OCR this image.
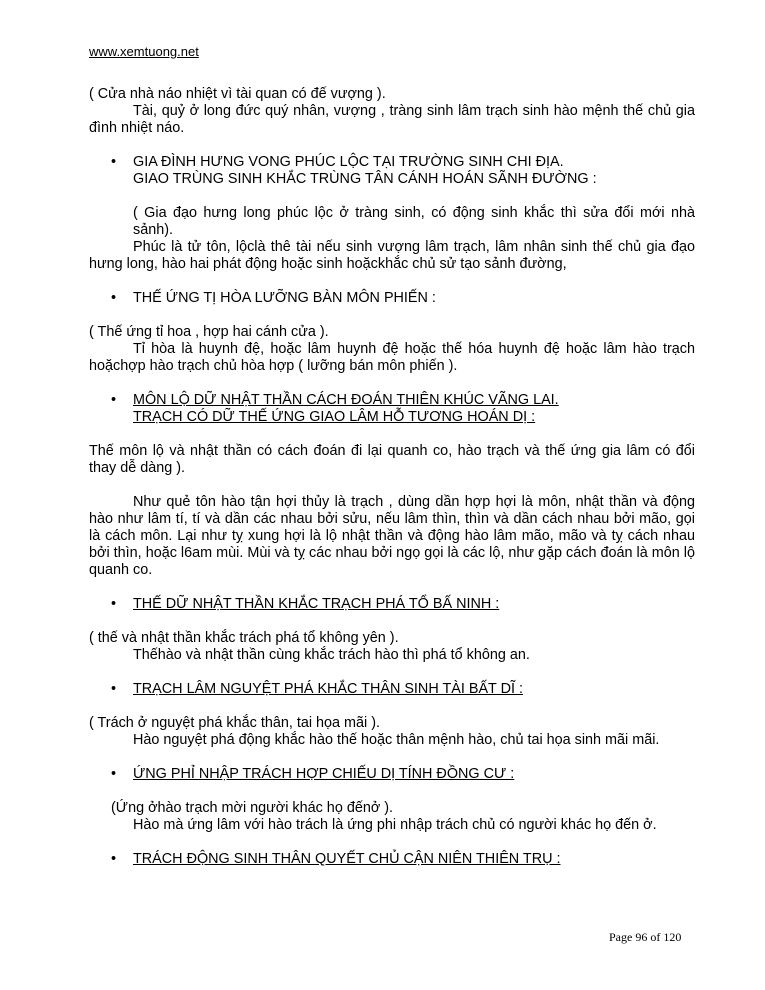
www.xemtuong.net

( Cửa nhà náo nhiệt vì tài quan có đế vượng ).

Tài, quỷ ở long đức quý nhân, vượng , tràng sinh lâm trạch sinh hào mệnh thế chủ gia đình nhiệt náo.

• GIA ĐÌNH HƯNG VONG PHÚC LỘC TẠI TRƯỜNG SINH CHI ĐỊA.
GIAO TRÙNG SINH KHẮC TRÙNG TÂN CÁNH HOÁN SÃNH ĐƯỜNG :

( Gia đạo hưng long phúc lộc ở tràng sinh, có động sinh khắc thì sửa đổi mới nhà sảnh).

Phúc là tử tôn, lộclà thê tài nếu sinh vượng lâm trạch, lâm nhân sinh thế chủ gia đạo hưng long, hào hai phát động hoặc sinh hoặckhắc chủ sử tạo sảnh đường,

• THẾ ỨNG TỊ HÒA LƯỠNG BÀN MÔN PHIẾN :

( Thế ứng tỉ hoa , hợp hai cánh cửa ).

Tỉ hòa là huynh đệ, hoặc lâm huynh đệ hoặc thế hóa huynh đệ hoặc lâm hào trạch hoặchợp hào trạch chủ hòa hợp ( lưỡng bán môn phiến ).

• MÔN LỘ DỮ NHẬT THẦN CÁCH ĐOÁN THIÊN KHÚC VÃNG LAI.
TRẠCH CÓ DỮ THẾ ỨNG GIAO LÂM HỖ TƯƠNG HOÁN DỊ :

Thế môn lộ và nhật thần có cách đoán đi lại quanh co, hào trạch và thế ứng gia lâm có đổi thay dễ dàng ).

Như quẻ tôn hào tận hợi thủy là trạch , dùng dần hợp hợi là môn, nhật thần và động hào như lâm tí, tí và dần các nhau bởi sửu, nếu lâm thìn, thìn và dần cách nhau bởi mão, gọi là cách môn. Lại như tỵ xung hợi là lộ nhật thần và động hào lâm mão, mão và tỵ cách nhau bởi thìn, hoặc l6am mùi. Mùi và tỵ các nhau bởi ngọ gọi là các lộ, như gặp cách đoán là môn lộ quanh co.

• THẾ DỮ NHẬT THẦN KHẮC TRẠCH PHÁ TỔ BẤ NINH :

( thế và nhật thần khắc trách phá tổ không yên ).

Thếhào và nhật thần cùng khắc trách hào thì phá tổ không an.

• TRẠCH LÂM NGUYỆT PHÁ KHẮC THÂN SINH TÀI BẤT DĨ :

( Trách ở nguyệt phá khắc thân, tai họa mãi ).

Hào nguyệt phá động khắc hào thế hoặc thân mệnh hào, chủ tai họa sinh mãi mãi.

• ỨNG PHỈ NHẬP TRÁCH HỢP CHIẾU DỊ TÍNH ĐỒNG CƯ :

(Ứng ởhào trạch mời người khác họ đếnở ).

Hào mà ứng lâm với hào trách là ứng phi nhập trách chủ có người khác họ đến ở.

• TRÁCH ĐỘNG SINH THÂN QUYẾT CHỦ CẬN NIÊN THIÊN TRỤ :
Page 96 of 120
